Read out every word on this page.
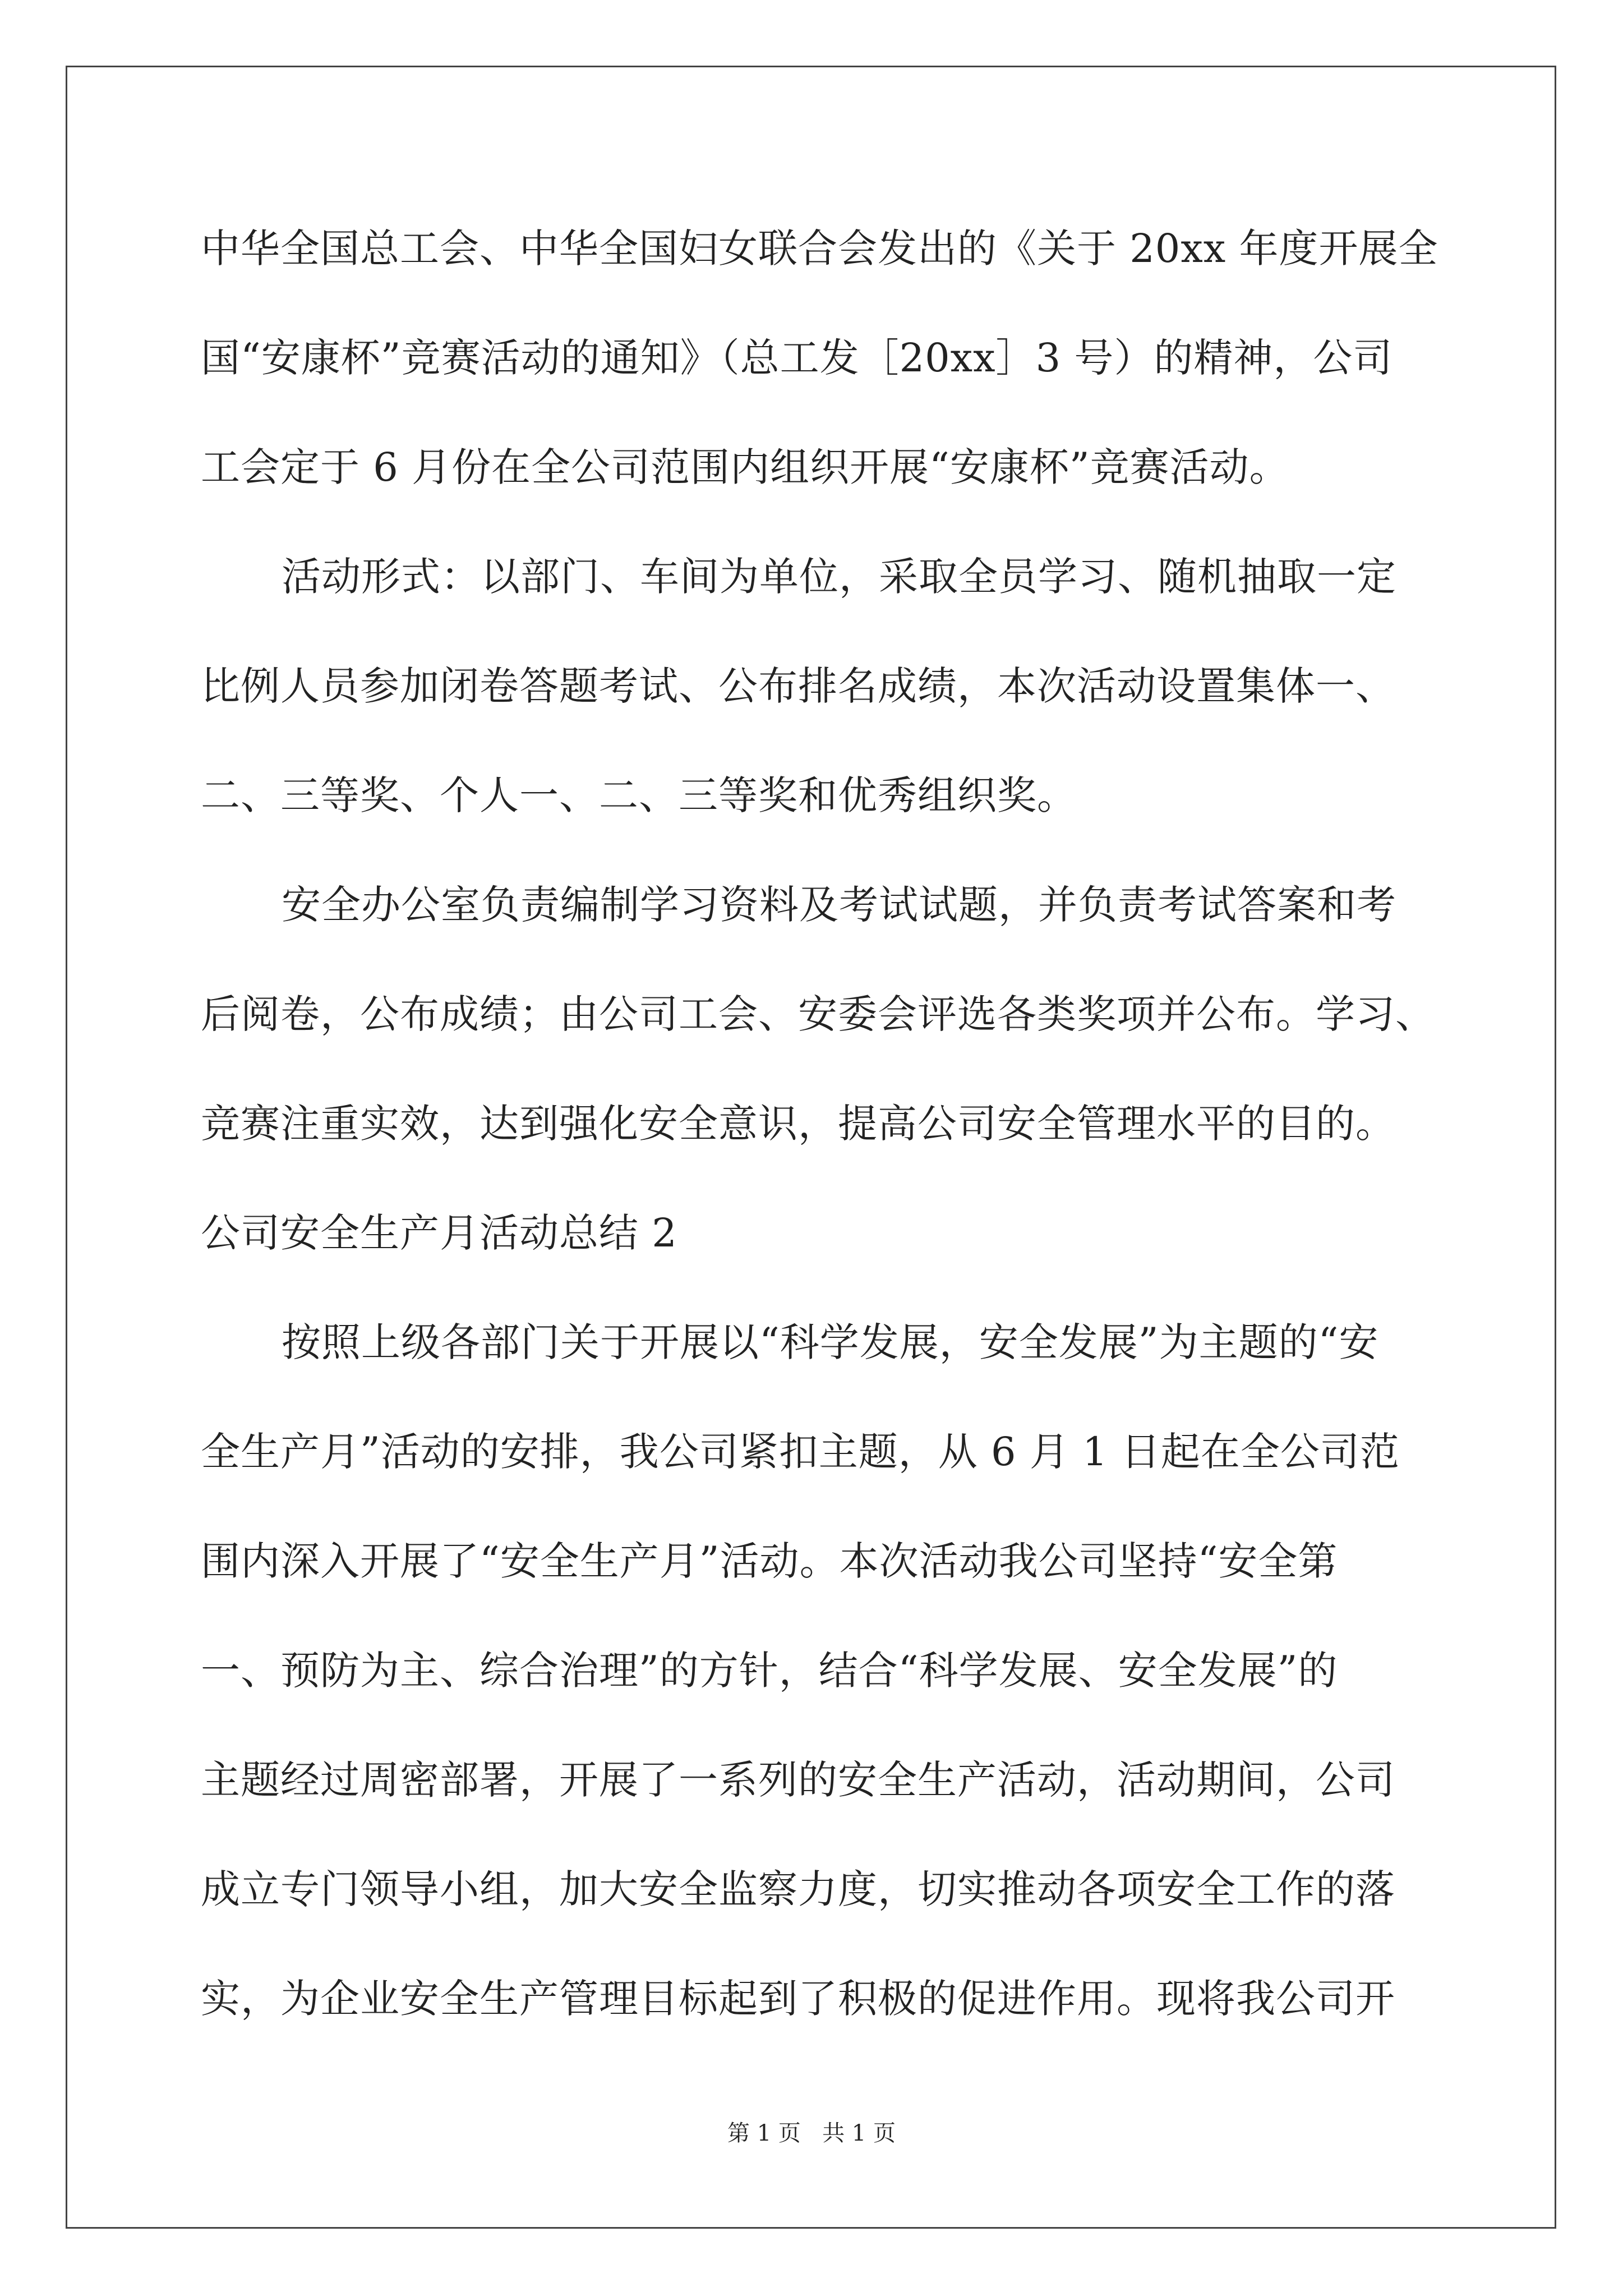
中华全国总工会、中华全国妇女联合会发出的《关于 20xx 年度开展全
国“安康杯”竞赛活动的通知》（总工发［20xx］3 号）的精神，公司
工会定于 6 月份在全公司范围内组织开展“安康杯”竞赛活动。
活动形式：以部门、车间为单位，采取全员学习、随机抽取一定
比例人员参加闭卷答题考试、公布排名成绩，本次活动设置集体一、
二、三等奖、个人一、二、三等奖和优秀组织奖。
安全办公室负责编制学习资料及考试试题，并负责考试答案和考
后阅卷，公布成绩；由公司工会、安委会评选各类奖项并公布。学习、
竞赛注重实效，达到强化安全意识，提高公司安全管理水平的目的。
公司安全生产月活动总结 2
按照上级各部门关于开展以“科学发展，安全发展”为主题的“安
全生产月”活动的安排，我公司紧扣主题，从 6 月 1 日起在全公司范
围内深入开展了“安全生产月”活动。本次活动我公司坚持“安全第
一、预防为主、综合治理”的方针，结合“科学发展、安全发展”的
主题经过周密部署，开展了一系列的安全生产活动，活动期间，公司
成立专门领导小组，加大安全监察力度，切实推动各项安全工作的落
实，为企业安全生产管理目标起到了积极的促进作用。现将我公司开
第 1 页 共 1 页
